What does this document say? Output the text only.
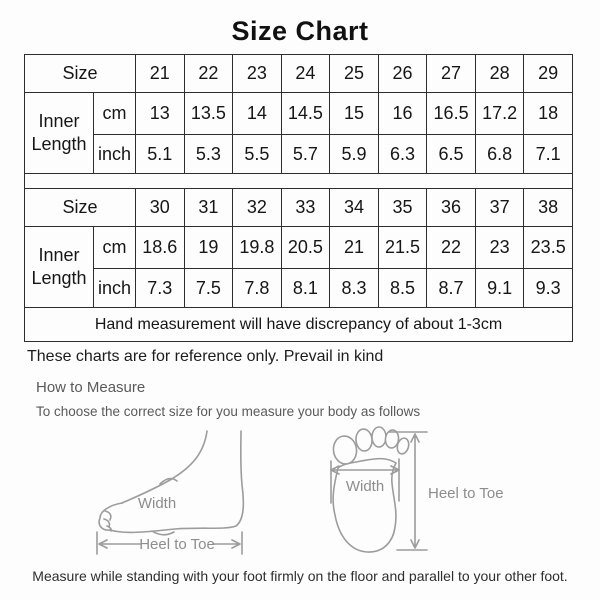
Size Chart
Size		21	22	23	24	25	26	27	28	29
Inner Length	cm	13	13.5	14	14.5	15	16	16.5	17.2	18
	inch	5.1	5.3	5.5	5.7	5.9	6.3	6.5	6.8	7.1

Size		30	31	32	33	34	35	36	37	38
Inner Length	cm	18.6	19	19.8	20.5	21	21.5	22	23	23.5
	inch	7.3	7.5	7.8	8.1	8.3	8.5	8.7	9.1	9.3
Hand measurement will have discrepancy of about 1-3cm										
These charts are for reference only. Prevail in kind
How to Measure
To choose the correct size for you measure your body as follows
Width
Heel to Toe
Width	Heel to Toe
Measure while standing with your foot firmly on the floor and parallel to your other foot.
